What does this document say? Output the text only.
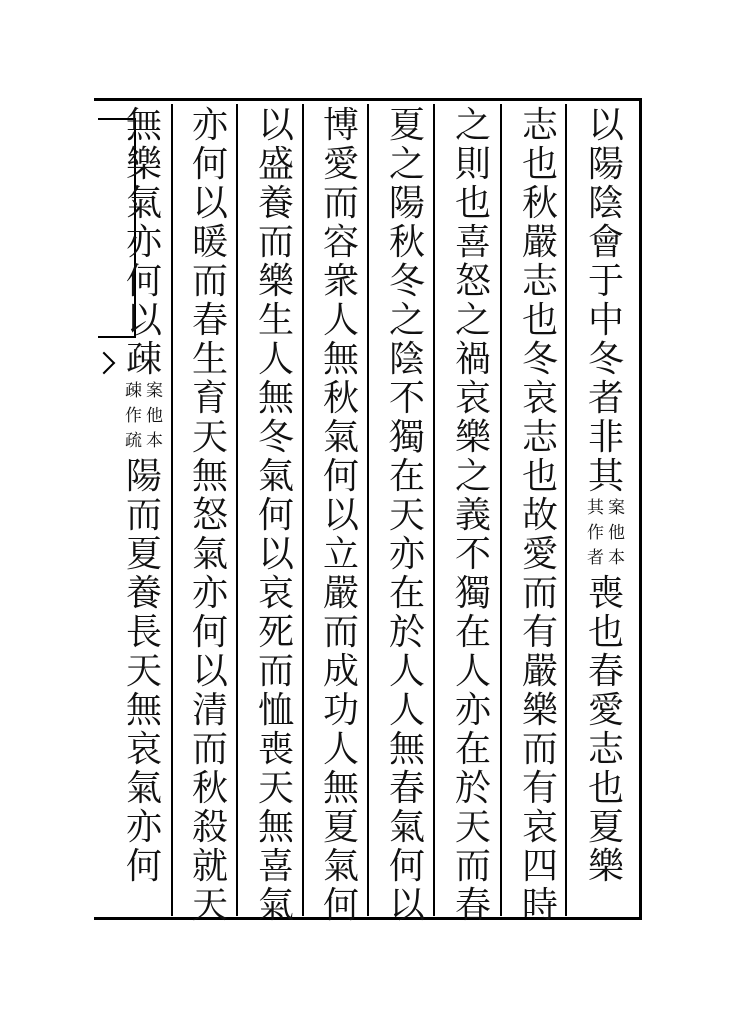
以
陽
陰
會
于
中
冬
者
非
其
案
他
本
其
作
者
喪
也
春
愛
志
也
夏
樂
志
也
秋
嚴
志
也
冬
哀
志
也
故
愛
而
有
嚴
樂
而
有
哀
四
時
之
則
也
喜
怒
之
禍
哀
樂
之
義
不
獨
在
人
亦
在
於
天
而
春
夏
之
陽
秋
冬
之
陰
不
獨
在
天
亦
在
於
人
人
無
春
氣
何
以
博
愛
而
容
衆
人
無
秋
氣
何
以
立
嚴
而
成
功
人
無
夏
氣
何
以
盛
養
而
樂
生
人
無
冬
氣
何
以
哀
死
而
恤
喪
天
無
喜
氣
亦
何
以
暖
而
春
生
育
天
無
怒
氣
亦
何
以
清
而
秋
殺
就
天
無
樂
氣
亦
何
以
疎
案
他
本
疎
作
疏
陽
而
夏
養
長
天
無
哀
氣
亦
何
